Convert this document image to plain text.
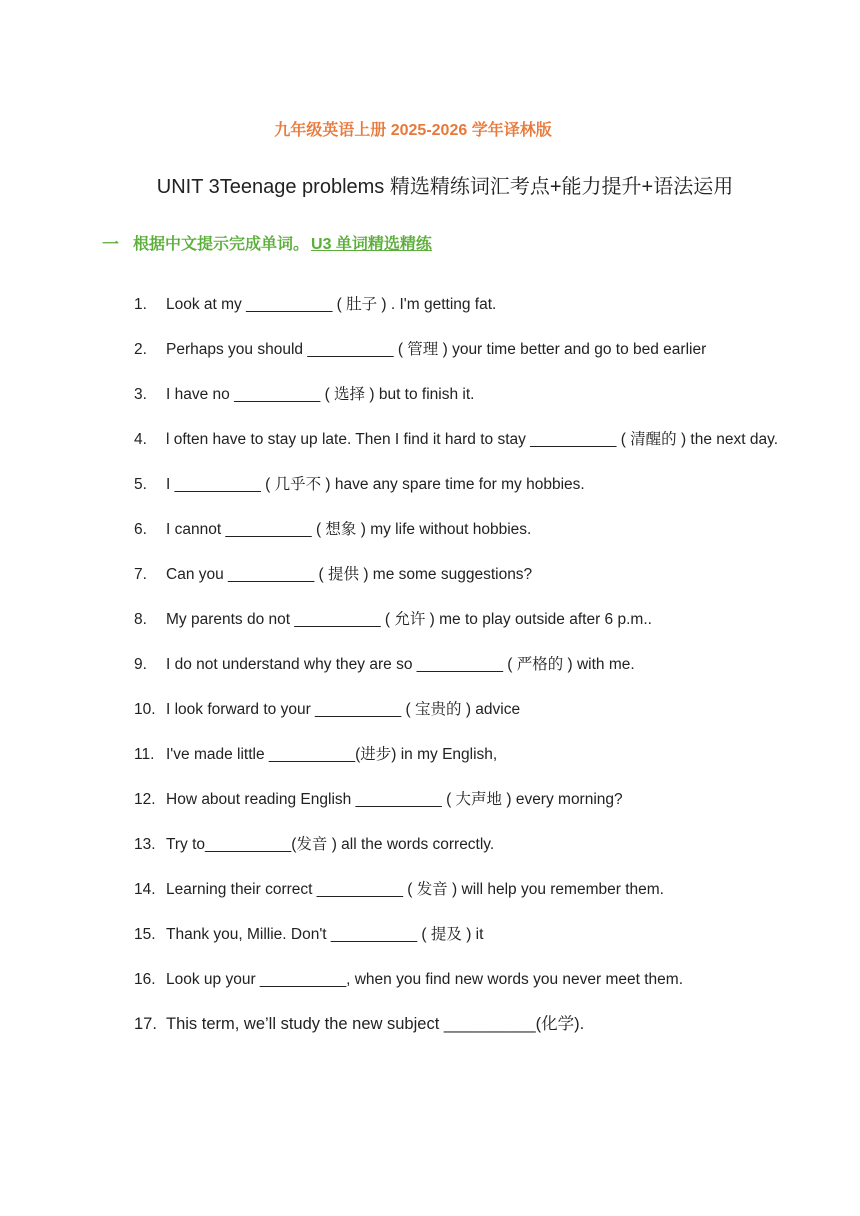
九年级英语上册 2025-2026 学年译林版
UNIT 3Teenage problems 精选精练词汇考点+能力提升+语法运用
一 根据中文提示完成单词。 U3 单词精选精练
1.	Look at my __________ ( 肚子 ) . I'm getting fat.
2.	Perhaps you should __________ ( 管理 ) your time better and go to bed earlier
3.	I have no __________ ( 选择 ) but to finish it.
4.	l often have to stay up late. Then I find it hard to stay __________ ( 清醒的 ) the next day.
5.	I __________ ( 几乎不 ) have any spare time for my hobbies.
6.	I cannot __________ ( 想象 ) my life without hobbies.
7.	Can you __________ ( 提供 ) me some suggestions?
8.	My parents do not __________ ( 允许 ) me to play outside after 6 p.m..
9.	I do not understand why they are so __________ ( 严格的 ) with me.
10. I look forward to your __________ ( 宝贵的 ) advice
11. I've made little __________(进步) in my English,
12. How about reading English __________ ( 大声地 ) every morning?
13. Try to__________(发音 ) all the words correctly.
14. Learning their correct __________ ( 发音 ) will help you remember them.
15. Thank you, Millie. Don't __________ ( 提及 ) it
16. Look up your __________, when you find new words you never meet them.
17. This term, we’ll study the new subject __________(化学).
